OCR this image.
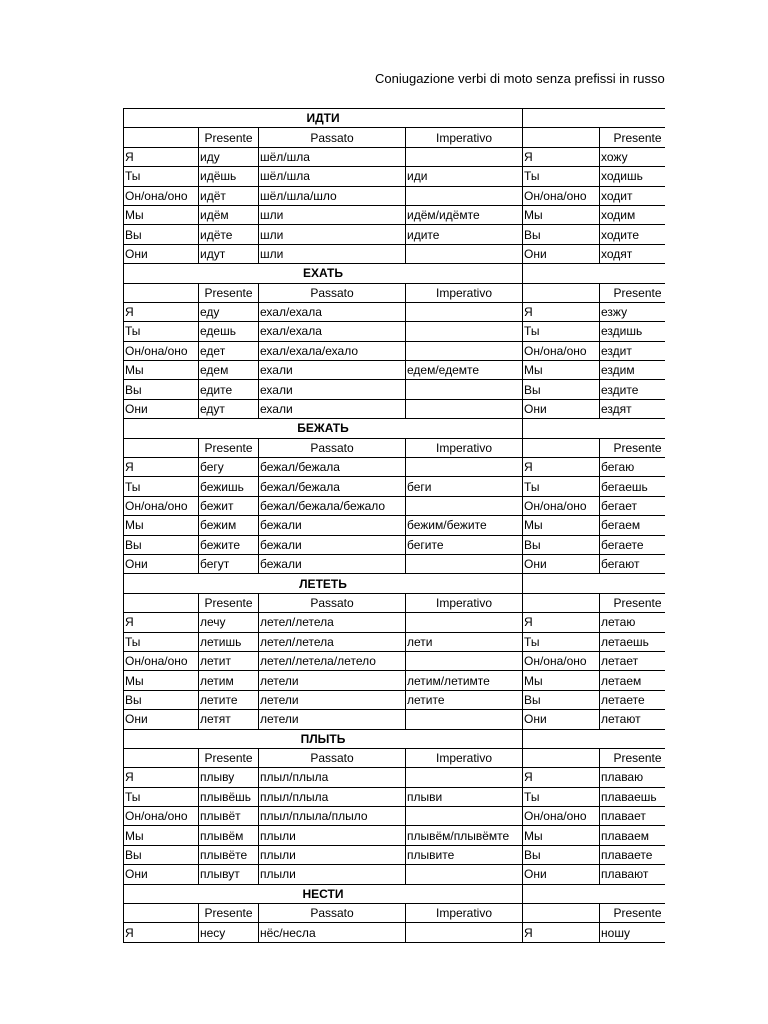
Coniugazione verbi di moto senza prefissi in russo
ИДТИ					
	Presente	Passato	Imperativo		Presente
Я	иду	шёл/шла		Я	хожу
Ты	идёшь	шёл/шла	иди	Ты	ходишь
Он/она/оно	идёт	шёл/шла/шло		Он/она/оно	ходит
Мы	идём	шли	идём/идёмте	Мы	ходим
Вы	идёте	шли	идите	Вы	ходите
Они	идут	шли		Они	ходят
ЕХАТЬ					
	Presente	Passato	Imperativo		Presente
Я	еду	ехал/ехала		Я	езжу
Ты	едешь	ехал/ехала		Ты	ездишь
Он/она/оно	едет	ехал/ехала/ехало		Он/она/оно	ездит
Мы	едем	ехали	едем/едемте	Мы	ездим
Вы	едите	ехали		Вы	ездите
Они	едут	ехали		Они	ездят
БЕЖАТЬ					
	Presente	Passato	Imperativo		Presente
Я	бегу	бежал/бежала		Я	бегаю
Ты	бежишь	бежал/бежала	беги	Ты	бегаешь
Он/она/оно	бежит	бежал/бежала/бежало		Он/она/оно	бегает
Мы	бежим	бежали	бежим/бежите	Мы	бегаем
Вы	бежите	бежали	бегите	Вы	бегаете
Они	бегут	бежали		Они	бегают
ЛЕТЕТЬ					
	Presente	Passato	Imperativo		Presente
Я	лечу	летел/летела		Я	летаю
Ты	летишь	летел/летела	лети	Ты	летаешь
Он/она/оно	летит	летел/летела/летело		Он/она/оно	летает
Мы	летим	летели	летим/летимте	Мы	летаем
Вы	летите	летели	летите	Вы	летаете
Они	летят	летели		Они	летают
ПЛЫТЬ					
	Presente	Passato	Imperativo		Presente
Я	плыву	плыл/плыла		Я	плаваю
Ты	плывёшь	плыл/плыла	плыви	Ты	плаваешь
Он/она/оно	плывёт	плыл/плыла/плыло		Он/она/оно	плавает
Мы	плывём	плыли	плывём/плывёмте	Мы	плаваем
Вы	плывёте	плыли	плывите	Вы	плаваете
Они	плывут	плыли		Они	плавают
НЕСТИ					
	Presente	Passato	Imperativo		Presente
Я	несу	нёс/несла		Я	ношу
